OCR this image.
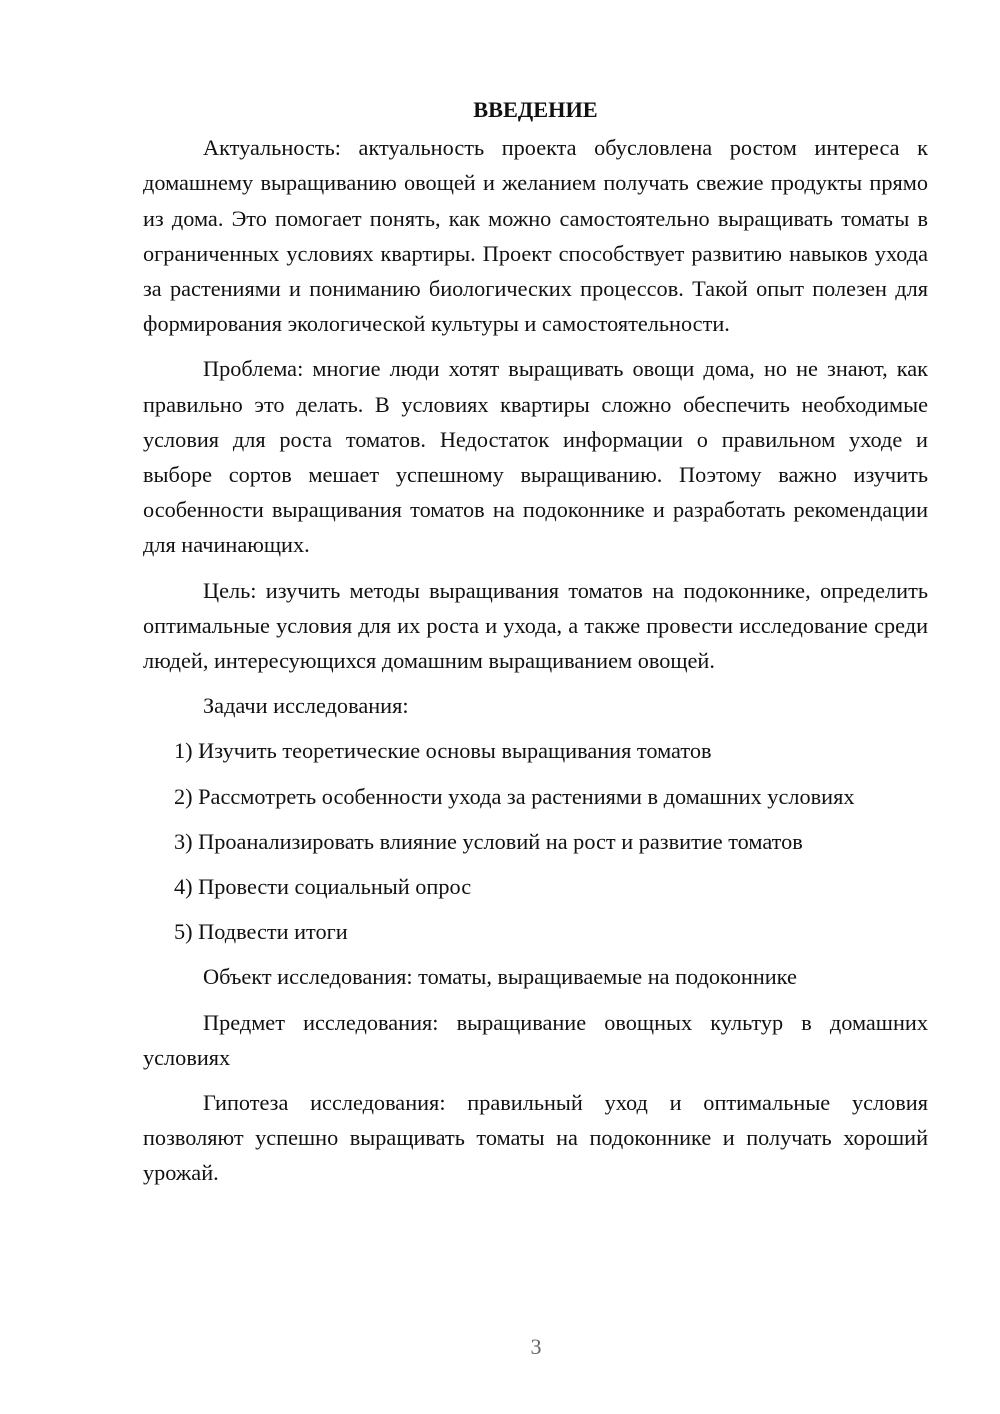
ВВЕДЕНИЕ

Актуальность: актуальность проекта обусловлена ростом интереса к домашнему выращиванию овощей и желанием получать свежие продукты прямо из дома. Это помогает понять, как можно самостоятельно выращивать томаты в ограниченных условиях квартиры. Проект способствует развитию навыков ухода за растениями и пониманию биологических процессов. Такой опыт полезен для формирования экологической культуры и самостоятельности.

Проблема: многие люди хотят выращивать овощи дома, но не знают, как правильно это делать. В условиях квартиры сложно обеспечить необходимые условия для роста томатов. Недостаток информации о правильном уходе и выборе сортов мешает успешному выращиванию. Поэтому важно изучить особенности выращивания томатов на подоконнике и разработать рекомендации для начинающих.

Цель: изучить методы выращивания томатов на подоконнике, определить оптимальные условия для их роста и ухода, а также провести исследование среди людей, интересующихся домашним выращиванием овощей.

Задачи исследования:

1) Изучить теоретические основы выращивания томатов

2) Рассмотреть особенности ухода за растениями в домашних условиях

3) Проанализировать влияние условий на рост и развитие томатов

4) Провести социальный опрос

5) Подвести итоги

Объект исследования: томаты, выращиваемые на подоконнике

Предмет исследования: выращивание овощных культур в домашних условиях

Гипотеза исследования: правильный уход и оптимальные условия позволяют успешно выращивать томаты на подоконнике и получать хороший урожай.

3
